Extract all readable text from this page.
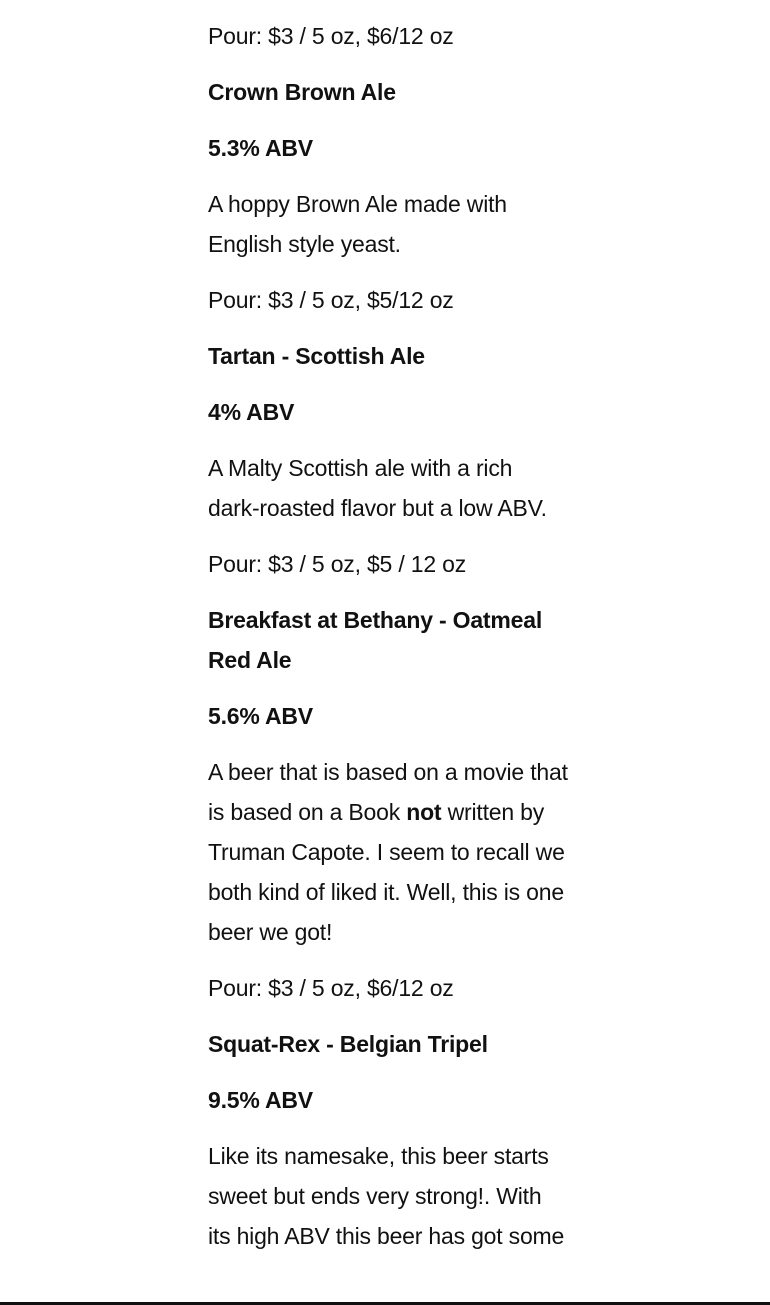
Pour: $3 / 5 oz, $6/12 oz

Crown Brown Ale

5.3% ABV

A hoppy Brown Ale made with English style yeast.

Pour: $3 / 5 oz, $5/12 oz

Tartan - Scottish Ale

4% ABV

A Malty Scottish ale with a rich dark-roasted flavor but a low ABV.

Pour: $3 / 5 oz, $5 / 12 oz

Breakfast at Bethany - Oatmeal Red Ale

5.6% ABV

A beer that is based on a movie that is based on a Book not written by Truman Capote. I seem to recall we both kind of liked it. Well, this is one beer we got!

Pour: $3 / 5 oz, $6/12 oz

Squat-Rex - Belgian Tripel

9.5% ABV

Like its namesake, this beer starts sweet but ends very strong!. With its high ABV this beer has got some
